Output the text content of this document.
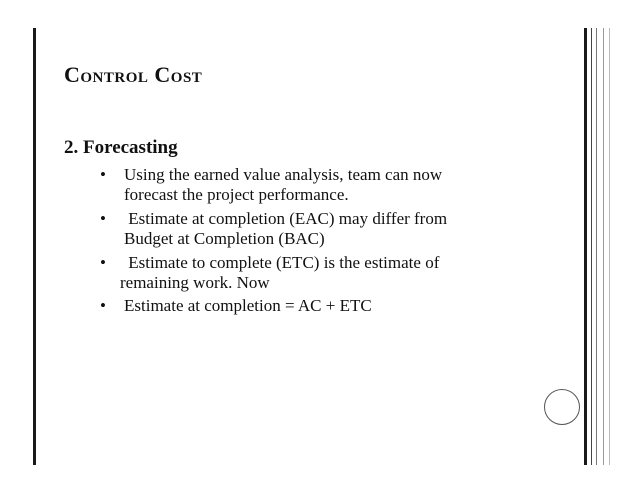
Control Cost
2. Forecasting
• Using the earned value analysis, team can now
forecast the project performance.
• Estimate at completion (EAC) may differ from
Budget at Completion (BAC)
• Estimate to complete (ETC) is the estimate of
remaining work. Now
• Estimate at completion = AC + ETC
